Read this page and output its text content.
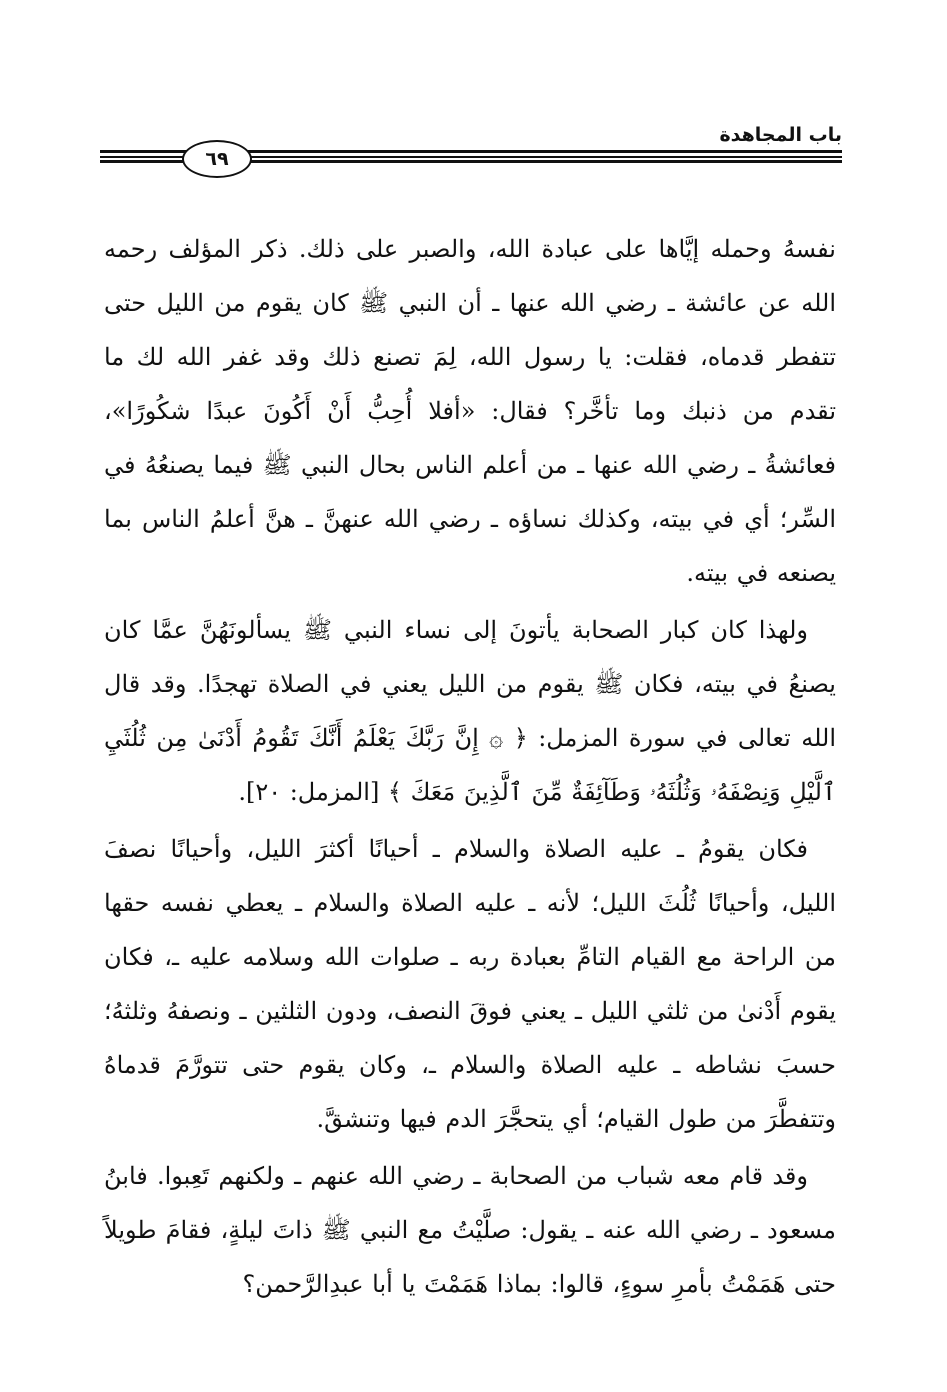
باب المجاهدة
٦٩

نفسهُ وحمله إيَّاها على عبادة الله، والصبر على ذلك. ذكر المؤلف رحمه الله عن عائشة ـ رضي الله عنها ـ أن النبي ﷺ كان يقوم من الليل حتى تتفطر قدماه، فقلت: يا رسول الله، لِمَ تصنع ذلك وقد غفر الله لك ما تقدم من ذنبك وما تأخَّر؟ فقال: «أفلا أُحِبُّ أَنْ أَكُونَ عبدًا شكُورًا»، فعائشةُ ـ رضي الله عنها ـ من أعلم الناس بحال النبي ﷺ فيما يصنعُهُ في السِّر؛ أي في بيته، وكذلك نساؤه ـ رضي الله عنهنَّ ـ هنَّ أعلمُ الناس بما يصنعه في بيته.

ولهذا كان كبار الصحابة يأتونَ إلى نساء النبي ﷺ يسألونَهُنَّ عمَّا كان يصنعُ في بيته، فكان ﷺ يقوم من الليل يعني في الصلاة تهجدًا. وقد قال الله تعالى في سورة المزمل: ﴿ ۞ إِنَّ رَبَّكَ يَعْلَمُ أَنَّكَ تَقُومُ أَدْنَىٰ مِن ثُلُثَيِ ٱلَّيْلِ وَنِصْفَهُۥ وَثُلُثَهُۥ وَطَآئِفَةٌ مِّنَ ٱلَّذِينَ مَعَكَ ﴾ [المزمل: ٢٠].

فكان يقومُ ـ عليه الصلاة والسلام ـ أحيانًا أكثرَ الليل، وأحيانًا نصفَ الليل، وأحيانًا ثُلُثَ الليل؛ لأنه ـ عليه الصلاة والسلام ـ يعطي نفسه حقها من الراحة مع القيام التامِّ بعبادة ربه ـ صلوات الله وسلامه عليه ـ، فكان يقوم أَدْنىٰ من ثلثي الليل ـ يعني فوقَ النصف، ودون الثلثين ـ ونصفهُ وثلثهُ؛ حسبَ نشاطه ـ عليه الصلاة والسلام ـ، وكان يقوم حتى تتورَّمَ قدماهُ وتتفطَّرَ من طول القيام؛ أي يتحجَّرَ الدم فيها وتنشقَّ.

وقد قام معه شباب من الصحابة ـ رضي الله عنهم ـ ولكنهم تَعِبوا. فابنُ مسعود ـ رضي الله عنه ـ يقول: صلَّيْتُ مع النبي ﷺ ذاتَ ليلةٍ، فقامَ طويلاً حتى هَمَمْتُ بأمرِ سوءٍ، قالوا: بماذا هَمَمْتَ يا أبا عبدِالرَّحمن؟
